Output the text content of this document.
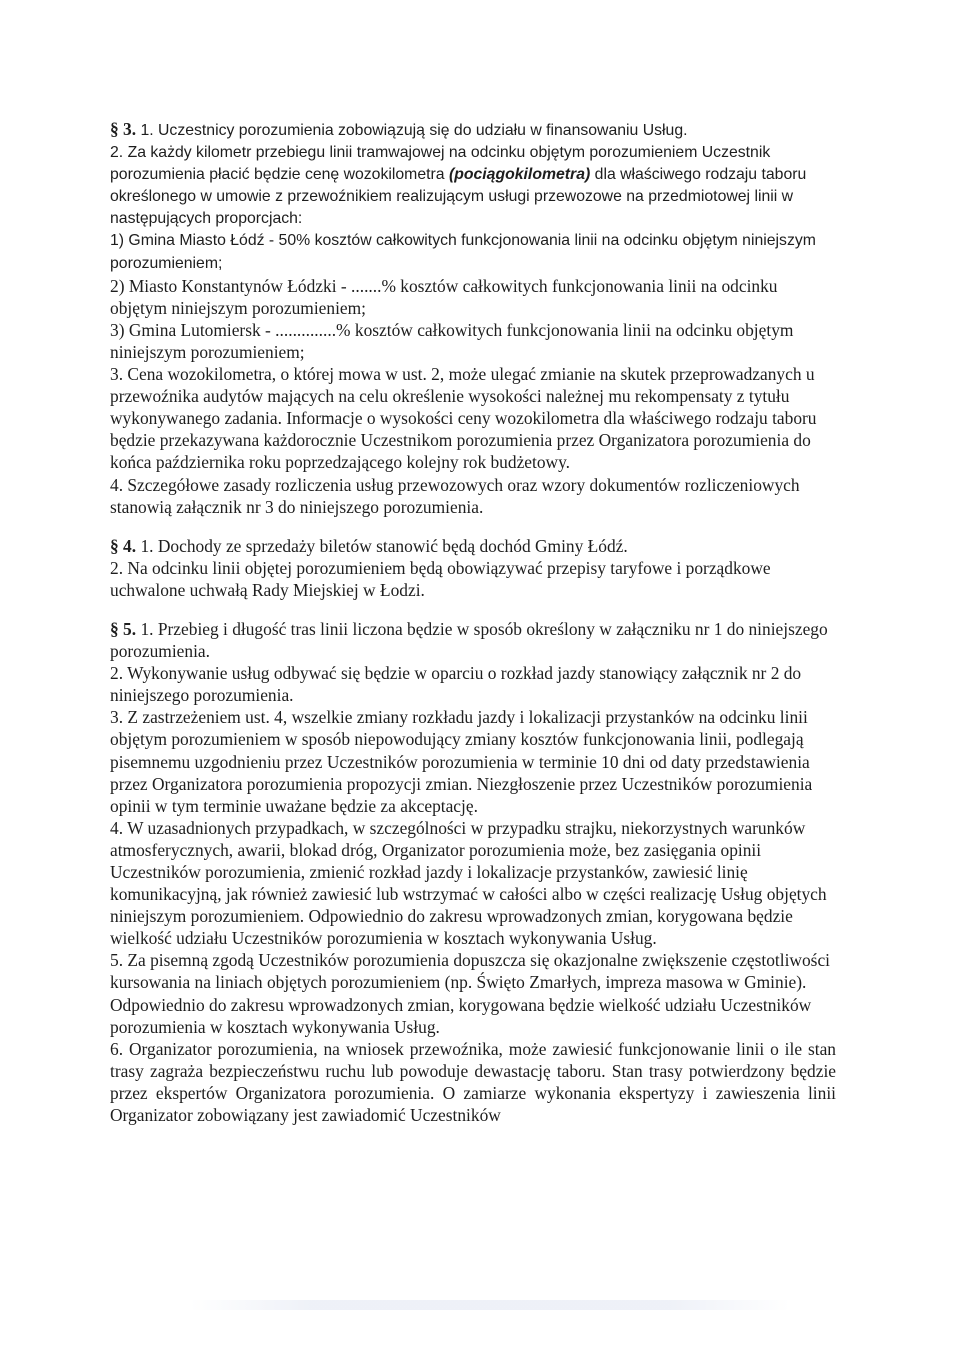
§ 3. 1. Uczestnicy porozumienia zobowiązują się do udziału w finansowaniu Usług.

2. Za każdy kilometr przebiegu linii tramwajowej na odcinku objętym porozumieniem Uczestnik porozumienia płacić będzie cenę wozokilometra (pociągokilometra) dla właściwego rodzaju taboru określonego w umowie z przewoźnikiem realizującym usługi przewozowe na przedmiotowej linii w następujących proporcjach:

1) Gmina Miasto Łódź - 50% kosztów całkowitych funkcjonowania linii na odcinku objętym niniejszym porozumieniem;

2) Miasto Konstantynów Łódzki - .......% kosztów całkowitych funkcjonowania linii na odcinku objętym niniejszym porozumieniem;

3) Gmina Lutomiersk - ..............% kosztów całkowitych funkcjonowania linii na odcinku objętym niniejszym porozumieniem;

3. Cena wozokilometra, o której mowa w ust. 2, może ulegać zmianie na skutek przeprowadzanych u przewoźnika audytów mających na celu określenie wysokości należnej mu rekompensaty z tytułu wykonywanego zadania. Informacje o wysokości ceny wozokilometra dla właściwego rodzaju taboru będzie przekazywana każdorocznie Uczestnikom porozumienia przez Organizatora porozumienia do końca października roku poprzedzającego kolejny rok budżetowy.

4. Szczegółowe zasady rozliczenia usług przewozowych oraz wzory dokumentów rozliczeniowych stanowią załącznik nr 3 do niniejszego porozumienia.

§ 4. 1. Dochody ze sprzedaży biletów stanowić będą dochód Gminy Łódź.

2. Na odcinku linii objętej porozumieniem będą obowiązywać przepisy taryfowe i porządkowe uchwalone uchwałą Rady Miejskiej w Łodzi.

§ 5. 1. Przebieg i długość tras linii liczona będzie w sposób określony w załączniku nr 1 do niniejszego porozumienia.

2. Wykonywanie usług odbywać się będzie w oparciu o rozkład jazdy stanowiący załącznik nr 2 do niniejszego porozumienia.

3. Z zastrzeżeniem ust. 4, wszelkie zmiany rozkładu jazdy i lokalizacji przystanków na odcinku linii objętym porozumieniem w sposób niepowodujący zmiany kosztów funkcjonowania linii, podlegają pisemnemu uzgodnieniu przez Uczestników porozumienia w terminie 10 dni od daty przedstawienia przez Organizatora porozumienia propozycji zmian. Niezgłoszenie przez Uczestników porozumienia opinii w tym terminie uważane będzie za akceptację.

4. W uzasadnionych przypadkach, w szczególności w przypadku strajku, niekorzystnych warunków atmosferycznych, awarii, blokad dróg, Organizator porozumienia może, bez zasięgania opinii Uczestników porozumienia, zmienić rozkład jazdy i lokalizacje przystanków, zawiesić linię komunikacyjną, jak również zawiesić lub wstrzymać w całości albo w części realizację Usług objętych niniejszym porozumieniem. Odpowiednio do zakresu wprowadzonych zmian, korygowana będzie wielkość udziału Uczestników porozumienia w kosztach wykonywania Usług.

5. Za pisemną zgodą Uczestników porozumienia dopuszcza się okazjonalne zwiększenie częstotliwości kursowania na liniach objętych porozumieniem (np. Święto Zmarłych, impreza masowa w Gminie). Odpowiednio do zakresu wprowadzonych zmian, korygowana będzie wielkość udziału Uczestników porozumienia w kosztach wykonywania Usług.

6. Organizator porozumienia, na wniosek przewoźnika, może zawiesić funkcjonowanie linii o ile stan trasy zagraża bezpieczeństwu ruchu lub powoduje dewastację taboru. Stan trasy potwierdzony będzie przez ekspertów Organizatora porozumienia. O zamiarze wykonania ekspertyzy i zawieszenia linii Organizator zobowiązany jest zawiadomić Uczestników
